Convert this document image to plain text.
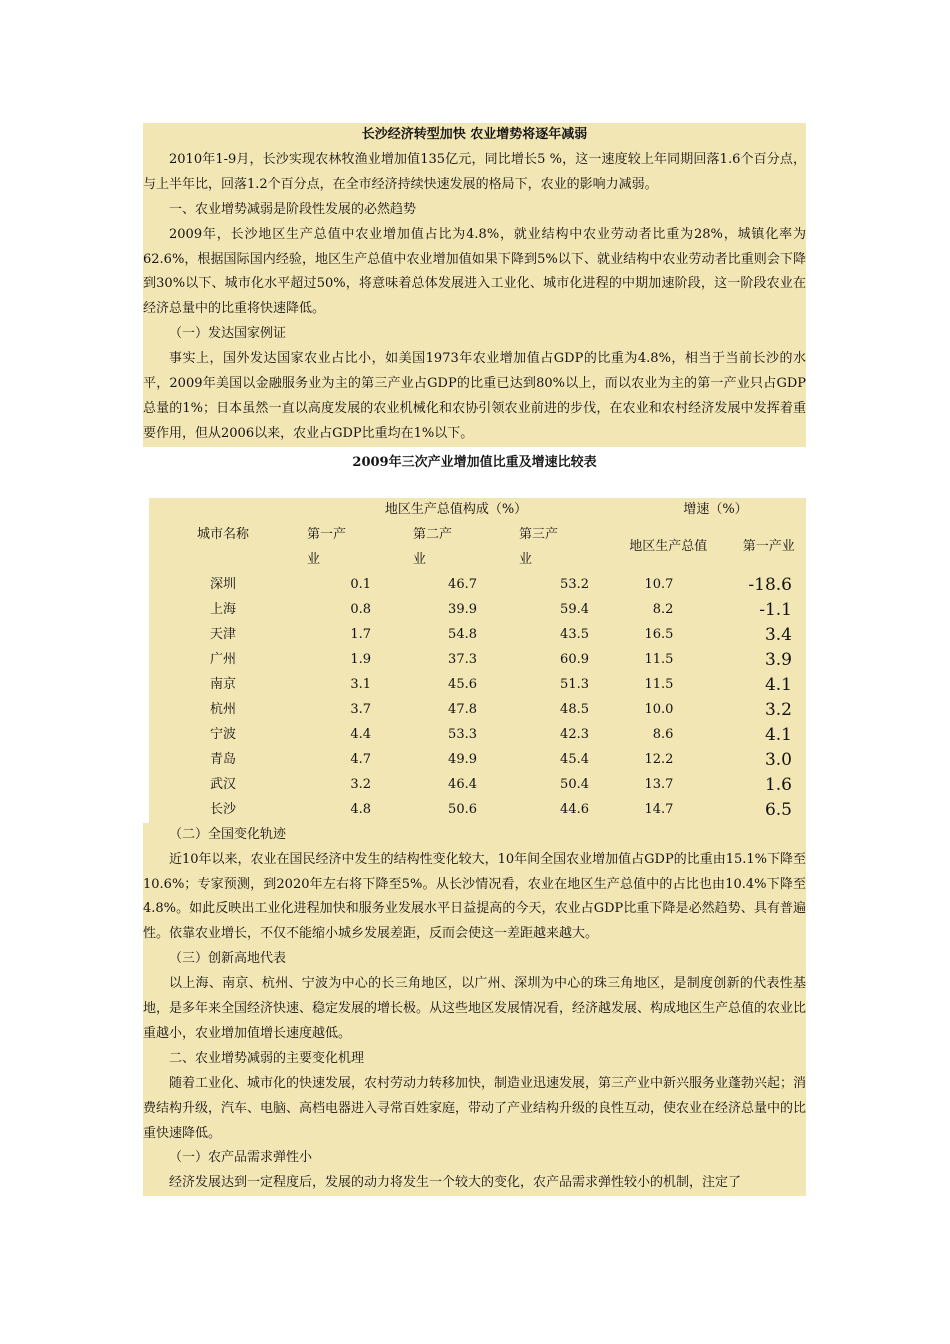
长沙经济转型加快 农业增势将逐年减弱

2010年1-9月，长沙实现农林牧渔业增加值135亿元，同比增长5 %，这一速度较上年同期回落1.6个百分点，与上半年比，回落1.2个百分点，在全市经济持续快速发展的格局下，农业的影响力减弱。

一、农业增势减弱是阶段性发展的必然趋势

2009年，长沙地区生产总值中农业增加值占比为4.8%，就业结构中农业劳动者比重为28%，城镇化率为62.6%，根据国际国内经验，地区生产总值中农业增加值如果下降到5%以下、就业结构中农业劳动者比重则会下降到30%以下、城市化水平超过50%，将意味着总体发展进入工业化、城市化进程的中期加速阶段，这一阶段农业在经济总量中的比重将快速降低。

（一）发达国家例证

事实上，国外发达国家农业占比小，如美国1973年农业增加值占GDP的比重为4.8%，相当于当前长沙的水平，2009年美国以金融服务业为主的第三产业占GDP的比重已达到80%以上，而以农业为主的第一产业只占GDP总量的1%；日本虽然一直以高度发展的农业机械化和农协引领农业前进的步伐，在农业和农村经济发展中发挥着重要作用，但从2006以来，农业占GDP比重均在1%以下。

2009年三次产业增加值比重及增速比较表
	地区生产总值构成（%）			增速（%）	
城市名称	第一产	第二产	第三产	地区生产总值	第一产业
	业	业	业		
深圳	0.1	46.7	53.2	10.7	-18.6
上海	0.8	39.9	59.4	8.2	-1.1
天津	1.7	54.8	43.5	16.5	3.4
广州	1.9	37.3	60.9	11.5	3.9
南京	3.1	45.6	51.3	11.5	4.1
杭州	3.7	47.8	48.5	10.0	3.2
宁波	4.4	53.3	42.3	8.6	4.1
青岛	4.7	49.9	45.4	12.2	3.0
武汉	3.2	46.4	50.4	13.7	1.6
长沙	4.8	50.6	44.6	14.7	6.5

（二）全国变化轨迹

近10年以来，农业在国民经济中发生的结构性变化较大，10年间全国农业增加值占GDP的比重由15.1%下降至10.6%；专家预测，到2020年左右将下降至5%。从长沙情况看，农业在地区生产总值中的占比也由10.4%下降至4.8%。如此反映出工业化进程加快和服务业发展水平日益提高的今天，农业占GDP比重下降是必然趋势、具有普遍性。依靠农业增长，不仅不能缩小城乡发展差距，反而会使这一差距越来越大。

（三）创新高地代表

以上海、南京、杭州、宁波为中心的长三角地区，以广州、深圳为中心的珠三角地区，是制度创新的代表性基地，是多年来全国经济快速、稳定发展的增长极。从这些地区发展情况看，经济越发展、构成地区生产总值的农业比重越小，农业增加值增长速度越低。

二、农业增势减弱的主要变化机理

随着工业化、城市化的快速发展，农村劳动力转移加快，制造业迅速发展，第三产业中新兴服务业蓬勃兴起；消费结构升级，汽车、电脑、高档电器进入寻常百姓家庭，带动了产业结构升级的良性互动，使农业在经济总量中的比重快速降低。

（一）农产品需求弹性小

经济发展达到一定程度后，发展的动力将发生一个较大的变化，农产品需求弹性较小的机制，注定了
